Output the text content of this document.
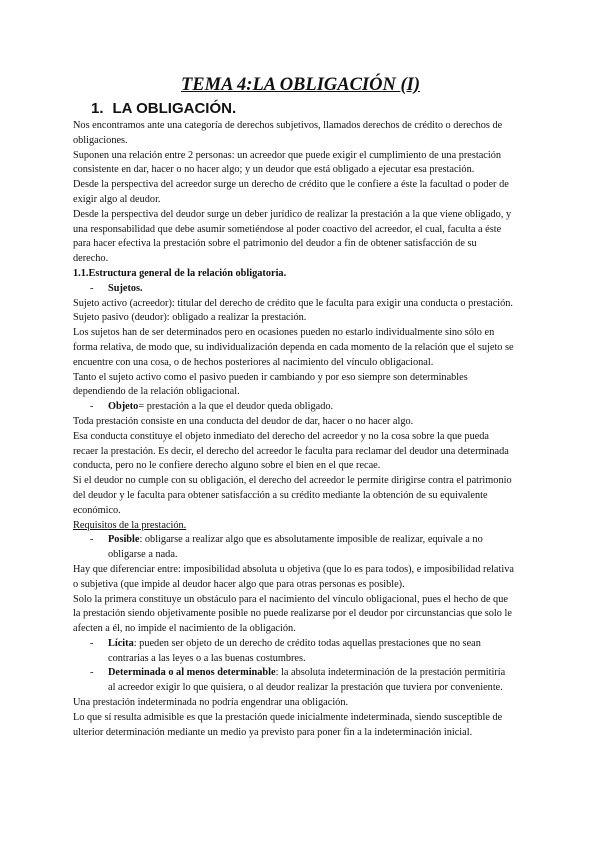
TEMA 4:LA OBLIGACIÓN (I)
1. LA OBLIGACIÓN.

Nos encontramos ante una categoría de derechos subjetivos, llamados derechos de crédito o derechos de obligaciones.

Suponen una relación entre 2 personas: un acreedor que puede exigir el cumplimiento de una prestación consistente en dar, hacer o no hacer algo; y un deudor que está obligado a ejecutar esa prestación.

Desde la perspectiva del acreedor surge un derecho de crédito que le confiere a éste la facultad o poder de exigir algo al deudor.

Desde la perspectiva del deudor surge un deber jurídico de realizar la prestación a la que viene obligado, y una responsabilidad que debe asumir sometiéndose al poder coactivo del acreedor, el cual, faculta a éste para hacer efectiva la prestación sobre el patrimonio del deudor a fin de obtener satisfacción de su derecho.

1.1.Estructura general de la relación obligatoria.
- Sujetos.

Sujeto activo (acreedor): titular del derecho de crédito que le faculta para exigir una conducta o prestación.

Sujeto pasivo (deudor): obligado a realizar la prestación.

Los sujetos han de ser determinados pero en ocasiones pueden no estarlo individualmente sino sólo en forma relativa, de modo que, su individualización dependa en cada momento de la relación que el sujeto se encuentre con una cosa, o de hechos posteriores al nacimiento del vínculo obligacional.

Tanto el sujeto activo como el pasivo pueden ir cambiando y por eso siempre son determinables dependiendo de la relación obligacional.

- Objeto= prestación a la que el deudor queda obligado.

Toda prestación consiste en una conducta del deudor de dar, hacer o no hacer algo.

Esa conducta constituye el objeto inmediato del derecho del acreedor y no la cosa sobre la que pueda recaer la prestación. Es decir, el derecho del acreedor le faculta para reclamar del deudor una determinada conducta, pero no le confiere derecho alguno sobre el bien en el que recae.

Si el deudor no cumple con su obligación, el derecho del acreedor le permite dirigirse contra el patrimonio del deudor y le faculta para obtener satisfacción a su crédito mediante la obtención de su equivalente económico.

Requisitos de la prestación.

- Posible: obligarse a realizar algo que es absolutamente imposible de realizar, equivale a no obligarse a nada.

Hay que diferenciar entre: imposibilidad absoluta u objetiva (que lo es para todos), e imposibilidad relativa o subjetiva (que impide al deudor hacer algo que para otras personas es posible).

Solo la primera constituye un obstáculo para el nacimiento del vínculo obligacional, pues el hecho de que la prestación siendo objetivamente posible no puede realizarse por el deudor por circunstancias que solo le afecten a él, no impide el nacimiento de la obligación.

- Lícita: pueden ser objeto de un derecho de crédito todas aquellas prestaciones que no sean contrarias a las leyes o a las buenas costumbres.
- Determinada o al menos determinable: la absoluta indeterminación de la prestación permitiría al acreedor exigir lo que quisiera, o al deudor realizar la prestación que tuviera por conveniente.

Una prestación indeterminada no podría engendrar una obligación.

Lo que sí resulta admisible es que la prestación quede inicialmente indeterminada, siendo susceptible de ulterior determinación mediante un medio ya previsto para poner fin a la indeterminación inicial.
